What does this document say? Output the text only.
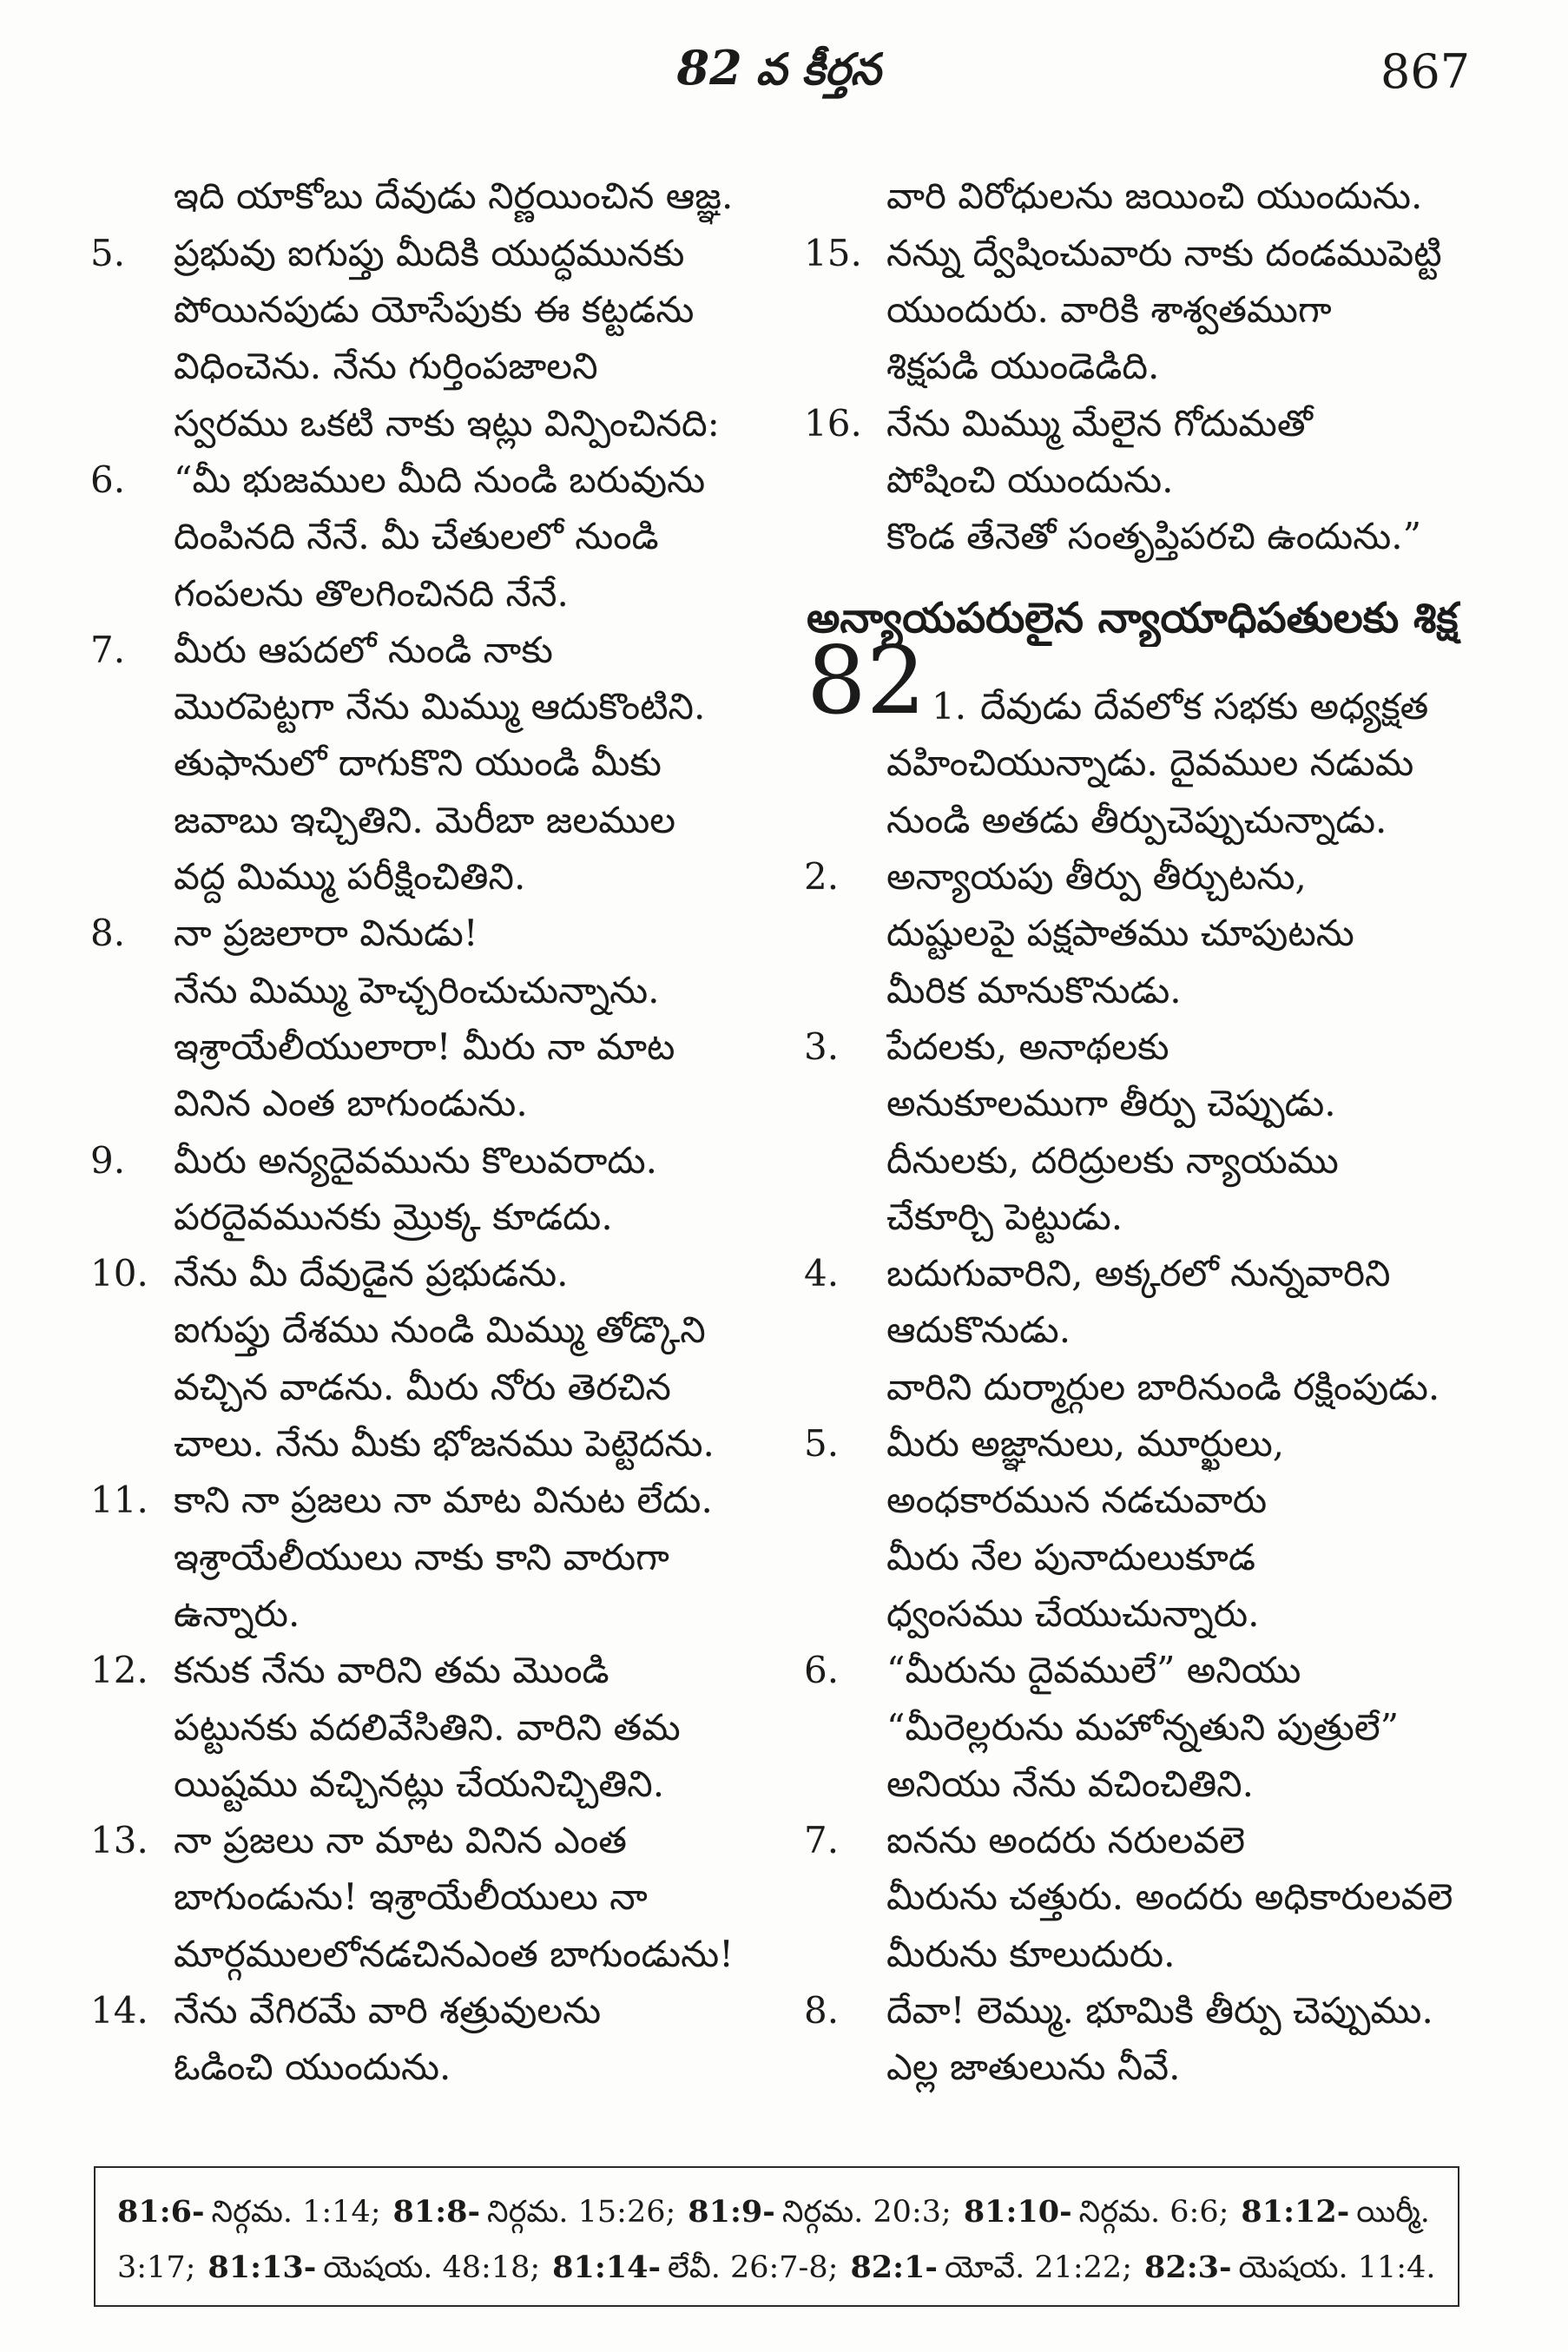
82 వ కీర్తన	867
ఇది యాకోబు దేవుడు నిర్ణయించిన ఆజ్ఞ.
5. ప్రభువు ఐగుప్తు మీదికి యుద్ధమునకు
పోయినపుడు యోసేపుకు ఈ కట్టడను
విధించెను. నేను గుర్తింపజాలని
స్వరము ఒకటి నాకు ఇట్లు విన్పించినది:
6. “మీ భుజముల మీది నుండి బరువును
దింపినది నేనే. మీ చేతులలో నుండి
గంపలను తొలగించినది నేనే.
7. మీరు ఆపదలో నుండి నాకు
మొరపెట్టగా నేను మిమ్ము ఆదుకొంటిని.
తుఫానులో దాగుకొని యుండి మీకు
జవాబు ఇచ్చితిని. మెరీబా జలముల
వద్ద మిమ్ము పరీక్షించితిని.
8. నా ప్రజలారా వినుడు!
నేను మిమ్ము హెచ్చరించుచున్నాను.
ఇశ్రాయేలీయులారా! మీరు నా మాట
వినిన ఎంత బాగుండును.
9. మీరు అన్యదైవమును కొలువరాదు.
పరదైవమునకు మ్రొక్క కూడదు.
10. నేను మీ దేవుడైన ప్రభుడను.
ఐగుప్తు దేశము నుండి మిమ్ము తోడ్కొని
వచ్చిన వాడను. మీరు నోరు తెరచిన
చాలు. నేను మీకు భోజనము పెట్టెదను.
11. కాని నా ప్రజలు నా మాట వినుట లేదు.
ఇశ్రాయేలీయులు నాకు కాని వారుగా
ఉన్నారు.
12. కనుక నేను వారిని తమ మొండి
పట్టునకు వదలివేసితిని. వారిని తమ
యిష్టము వచ్చినట్లు చేయనిచ్చితిని.
13. నా ప్రజలు నా మాట వినిన ఎంత
బాగుండును! ఇశ్రాయేలీయులు నా
మార్గములలోనడచినఎంత బాగుండును!
14. నేను వేగిరమే వారి శత్రువులను
ఓడించి యుందును.
అన్యాయపరులైన న్యాయాధిపతులకు శిక్ష
82
వారి విరోధులను జయించి యుందును.
15. నన్ను ద్వేషించువారు నాకు దండముపెట్టి
యుందురు. వారికి శాశ్వతముగా
శిక్షపడి యుండెడిది.
16. నేను మిమ్ము మేలైన గోదుమతో
పోషించి యుందును.
కొండ తేనెతో సంతృప్తిపరచి ఉందును.”
1. దేవుడు దేవలోక సభకు అధ్యక్షత
వహించియున్నాడు. దైవముల నడుమ
నుండి అతడు తీర్పుచెప్పుచున్నాడు.
2. అన్యాయపు తీర్పు తీర్చుటను,
దుష్టులపై పక్షపాతము చూపుటను
మీరిక మానుకొనుడు.
3. పేదలకు, అనాథలకు
అనుకూలముగా తీర్పు చెప్పుడు.
దీనులకు, దరిద్రులకు న్యాయము
చేకూర్చి పెట్టుడు.
4. బదుగువారిని, అక్కరలో నున్నవారిని
ఆదుకొనుడు.
వారిని దుర్మార్గుల బారినుండి రక్షింపుడు.
5. మీరు అజ్ఞానులు, మూర్ఖులు,
అంధకారమున నడచువారు
మీరు నేల పునాదులుకూడ
ధ్వంసము చేయుచున్నారు.
6. “మీరును దైవములే” అనియు
“మీరెల్లరును మహోన్నతుని పుత్రులే”
అనియు నేను వచించితిని.
7. ఐనను అందరు నరులవలె
మీరును చత్తురు. అందరు అధికారులవలె
మీరును కూలుదురు.
8. దేవా! లెమ్ము. భూమికి తీర్పు చెప్పుము.
ఎల్ల జాతులును నీవే.
81:6- నిర్గమ. 1:14; 81:8- నిర్గమ. 15:26; 81:9- నిర్గమ. 20:3; 81:10- నిర్గమ. 6:6; 81:12- యిర్మీ.
3:17; 81:13- యెషయ. 48:18; 81:14- లేవీ. 26:7-8; 82:1- యోవే. 21:22; 82:3- యెషయ. 11:4.
